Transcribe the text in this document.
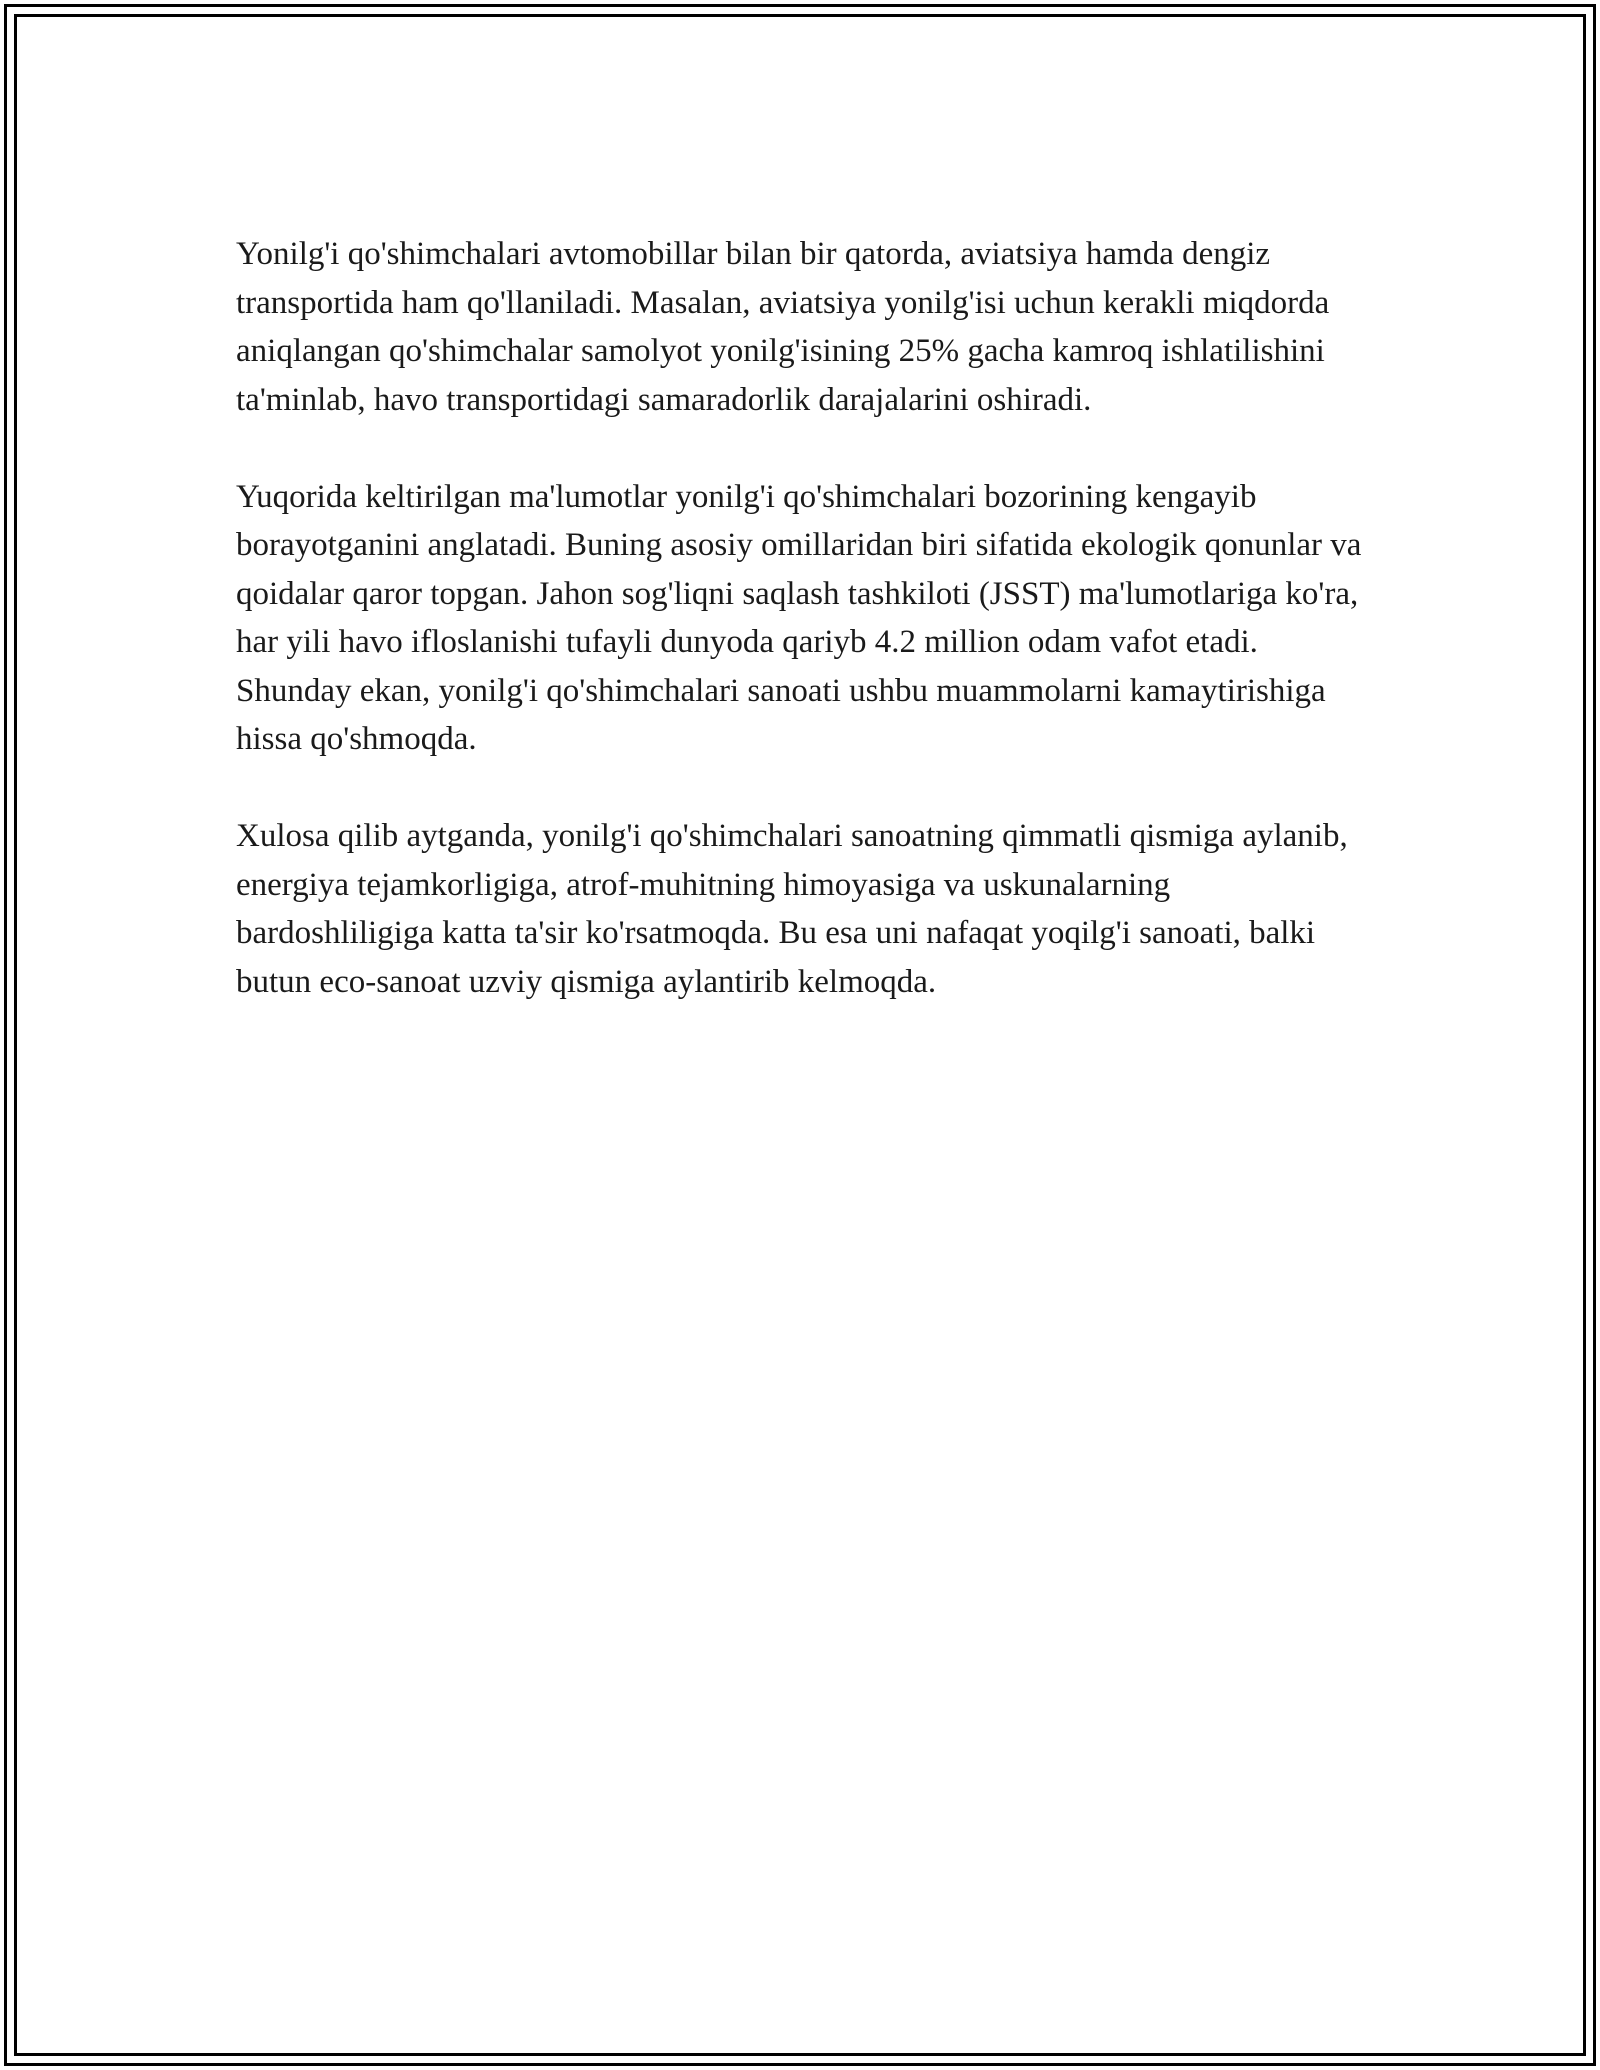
Yonilg'i qo'shimchalari avtomobillar bilan bir qatorda, aviatsiya hamda dengiz transportida ham qo'llaniladi. Masalan, aviatsiya yonilg'isi uchun kerakli miqdorda aniqlangan qo'shimchalar samolyot yonilg'isining 25% gacha kamroq ishlatilishini ta'minlab, havo transportidagi samaradorlik darajalarini oshiradi.

Yuqorida keltirilgan ma'lumotlar yonilg'i qo'shimchalari bozorining kengayib borayotganini anglatadi. Buning asosiy omillaridan biri sifatida ekologik qonunlar va qoidalar qaror topgan. Jahon sog'liqni saqlash tashkiloti (JSST) ma'lumotlariga ko'ra, har yili havo ifloslanishi tufayli dunyoda qariyb 4.2 million odam vafot etadi. Shunday ekan, yonilg'i qo'shimchalari sanoati ushbu muammolarni kamaytirishiga hissa qo'shmoqda.

Xulosa qilib aytganda, yonilg'i qo'shimchalari sanoatning qimmatli qismiga aylanib, energiya tejamkorligiga, atrof-muhitning himoyasiga va uskunalarning bardoshliligiga katta ta'sir ko'rsatmoqda. Bu esa uni nafaqat yoqilg'i sanoati, balki butun eco-sanoat uzviy qismiga aylantirib kelmoqda.
